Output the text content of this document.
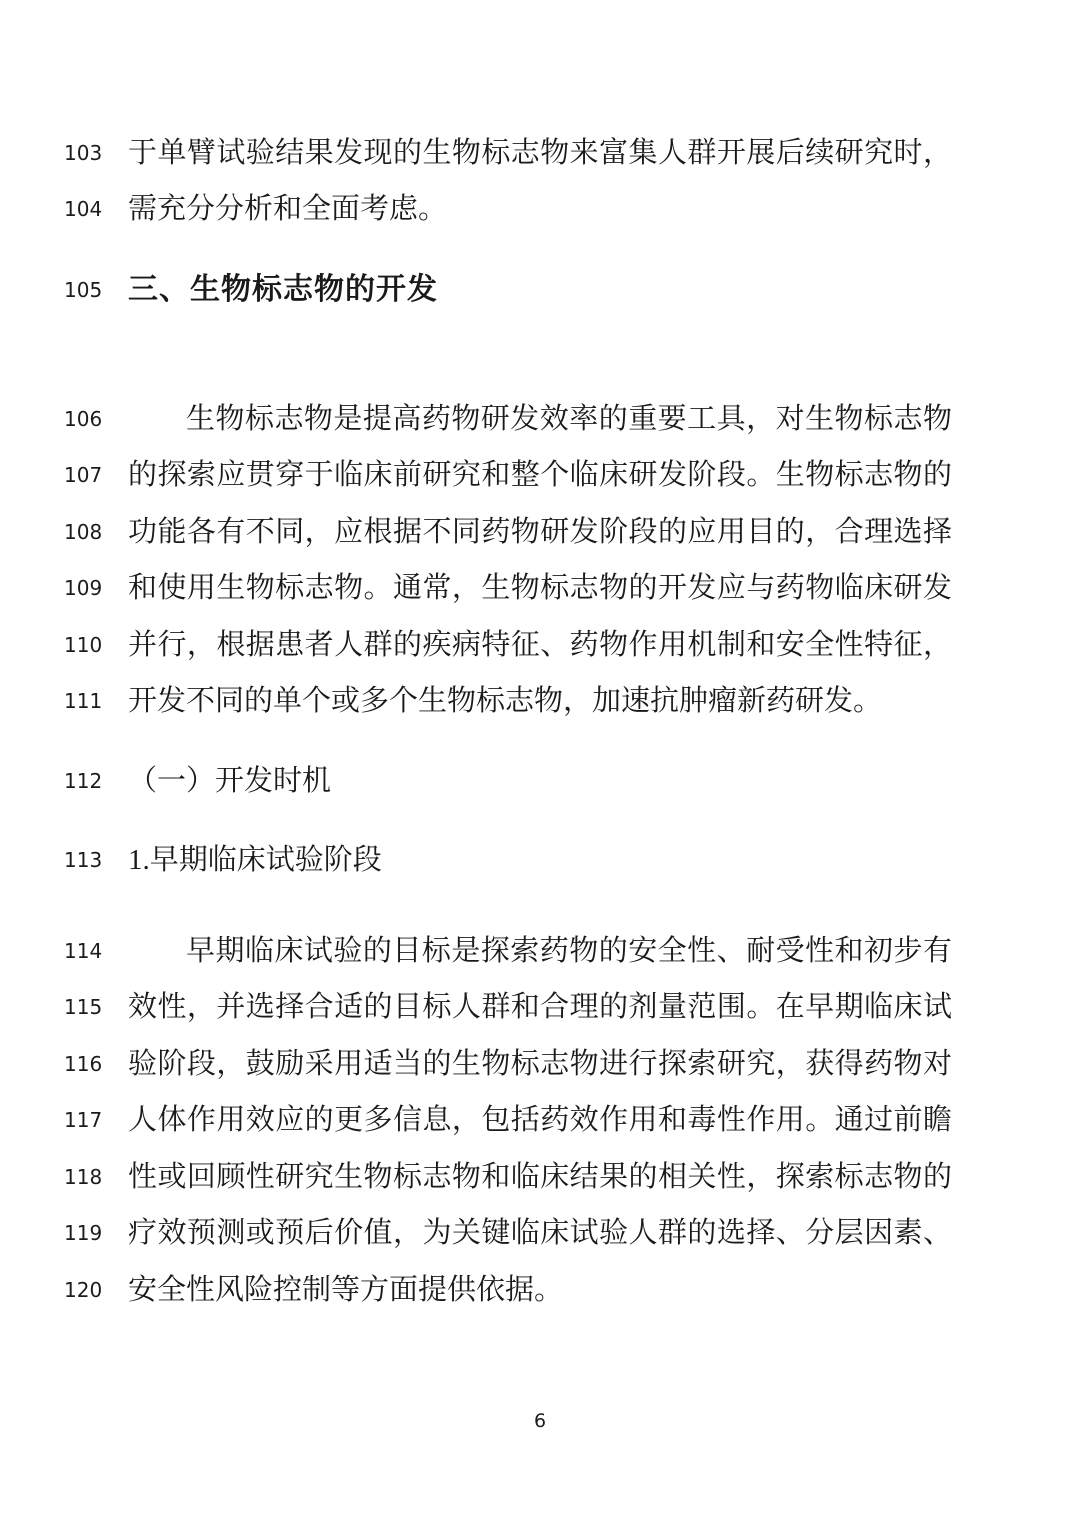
103 于单臂试验结果发现的生物标志物来富集人群开展后续研究时，
104 需充分分析和全面考虑。
105 三、生物标志物的开发
106	生物标志物是提高药物研发效率的重要工具，对生物标志物
107 的探索应贯穿于临床前研究和整个临床研发阶段。生物标志物的
108 功能各有不同，应根据不同药物研发阶段的应用目的，合理选择
109 和使用生物标志物。通常，生物标志物的开发应与药物临床研发
110 并行，根据患者人群的疾病特征、药物作用机制和安全性特征，
111 开发不同的单个或多个生物标志物，加速抗肿瘤新药研发。
112 （一）开发时机
113 1.早期临床试验阶段
114	早期临床试验的目标是探索药物的安全性、耐受性和初步有
115 效性，并选择合适的目标人群和合理的剂量范围。在早期临床试
116 验阶段，鼓励采用适当的生物标志物进行探索研究，获得药物对
117 人体作用效应的更多信息，包括药效作用和毒性作用。通过前瞻
118 性或回顾性研究生物标志物和临床结果的相关性，探索标志物的
119 疗效预测或预后价值，为关键临床试验人群的选择、分层因素、
120 安全性风险控制等方面提供依据。
6
